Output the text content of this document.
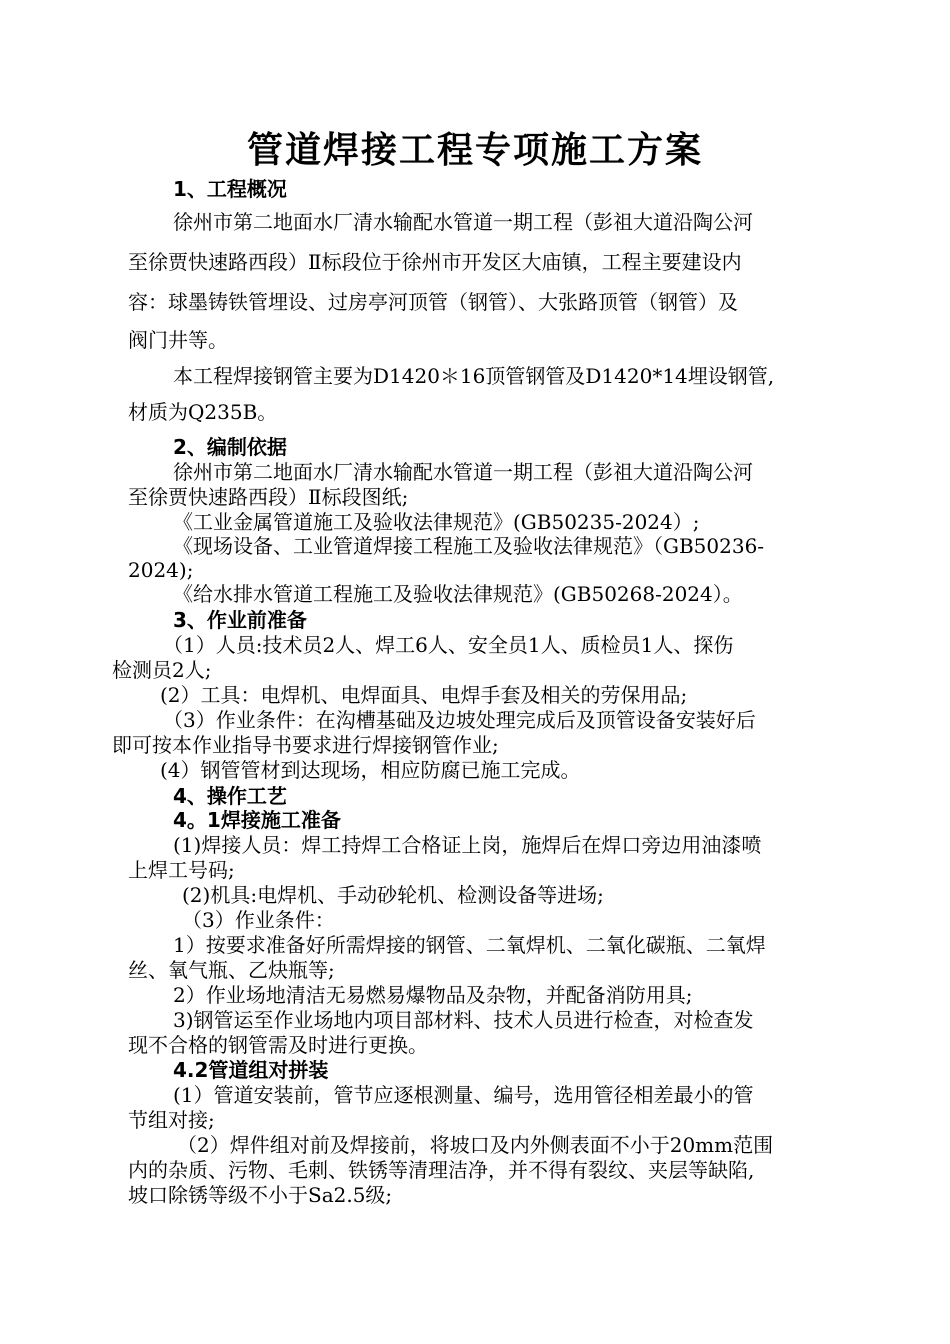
管道焊接工程专项施工方案
1、工程概况
徐州市第二地面水厂清水输配水管道一期工程（彭祖大道沿陶公河
至徐贾快速路西段）Ⅱ标段位于徐州市开发区大庙镇，工程主要建设内
容：球墨铸铁管埋设、过房亭河顶管（钢管）、大张路顶管（钢管）及
阀门井等。
本工程焊接钢管主要为D1420＊16顶管钢管及D1420*14埋设钢管,
材质为Q235B。
2、编制依据
徐州市第二地面水厂清水输配水管道一期工程（彭祖大道沿陶公河
至徐贾快速路西段）Ⅱ标段图纸;
《工业金属管道施工及验收法律规范》(GB50235-2024）;
《现场设备、工业管道焊接工程施工及验收法律规范》（GB50236-
2024);
《给水排水管道工程施工及验收法律规范》(GB50268-2024）。
3、作业前准备
（1）人员:技术员2人、焊工6人、安全员1人、质检员1人、探伤
检测员2人;
(2）工具：电焊机、电焊面具、电焊手套及相关的劳保用品;
（3）作业条件：在沟槽基础及边坡处理完成后及顶管设备安装好后
即可按本作业指导书要求进行焊接钢管作业;
(4）钢管管材到达现场，相应防腐已施工完成。
4、操作工艺
4。1焊接施工准备
(1)焊接人员：焊工持焊工合格证上岗，施焊后在焊口旁边用油漆喷
上焊工号码;
(2)机具:电焊机、手动砂轮机、检测设备等进场;
（3）作业条件：
1）按要求准备好所需焊接的钢管、二氧焊机、二氧化碳瓶、二氧焊
丝、氧气瓶、乙炔瓶等;
2）作业场地清洁无易燃易爆物品及杂物，并配备消防用具;
3)钢管运至作业场地内项目部材料、技术人员进行检查，对检查发
现不合格的钢管需及时进行更换。
4.2管道组对拼装
(1）管道安装前，管节应逐根测量、编号，选用管径相差最小的管
节组对接;
（2）焊件组对前及焊接前，将坡口及内外侧表面不小于20mm范围
内的杂质、污物、毛刺、铁锈等清理洁净，并不得有裂纹、夹层等缺陷,
坡口除锈等级不小于Sa2.5级;
